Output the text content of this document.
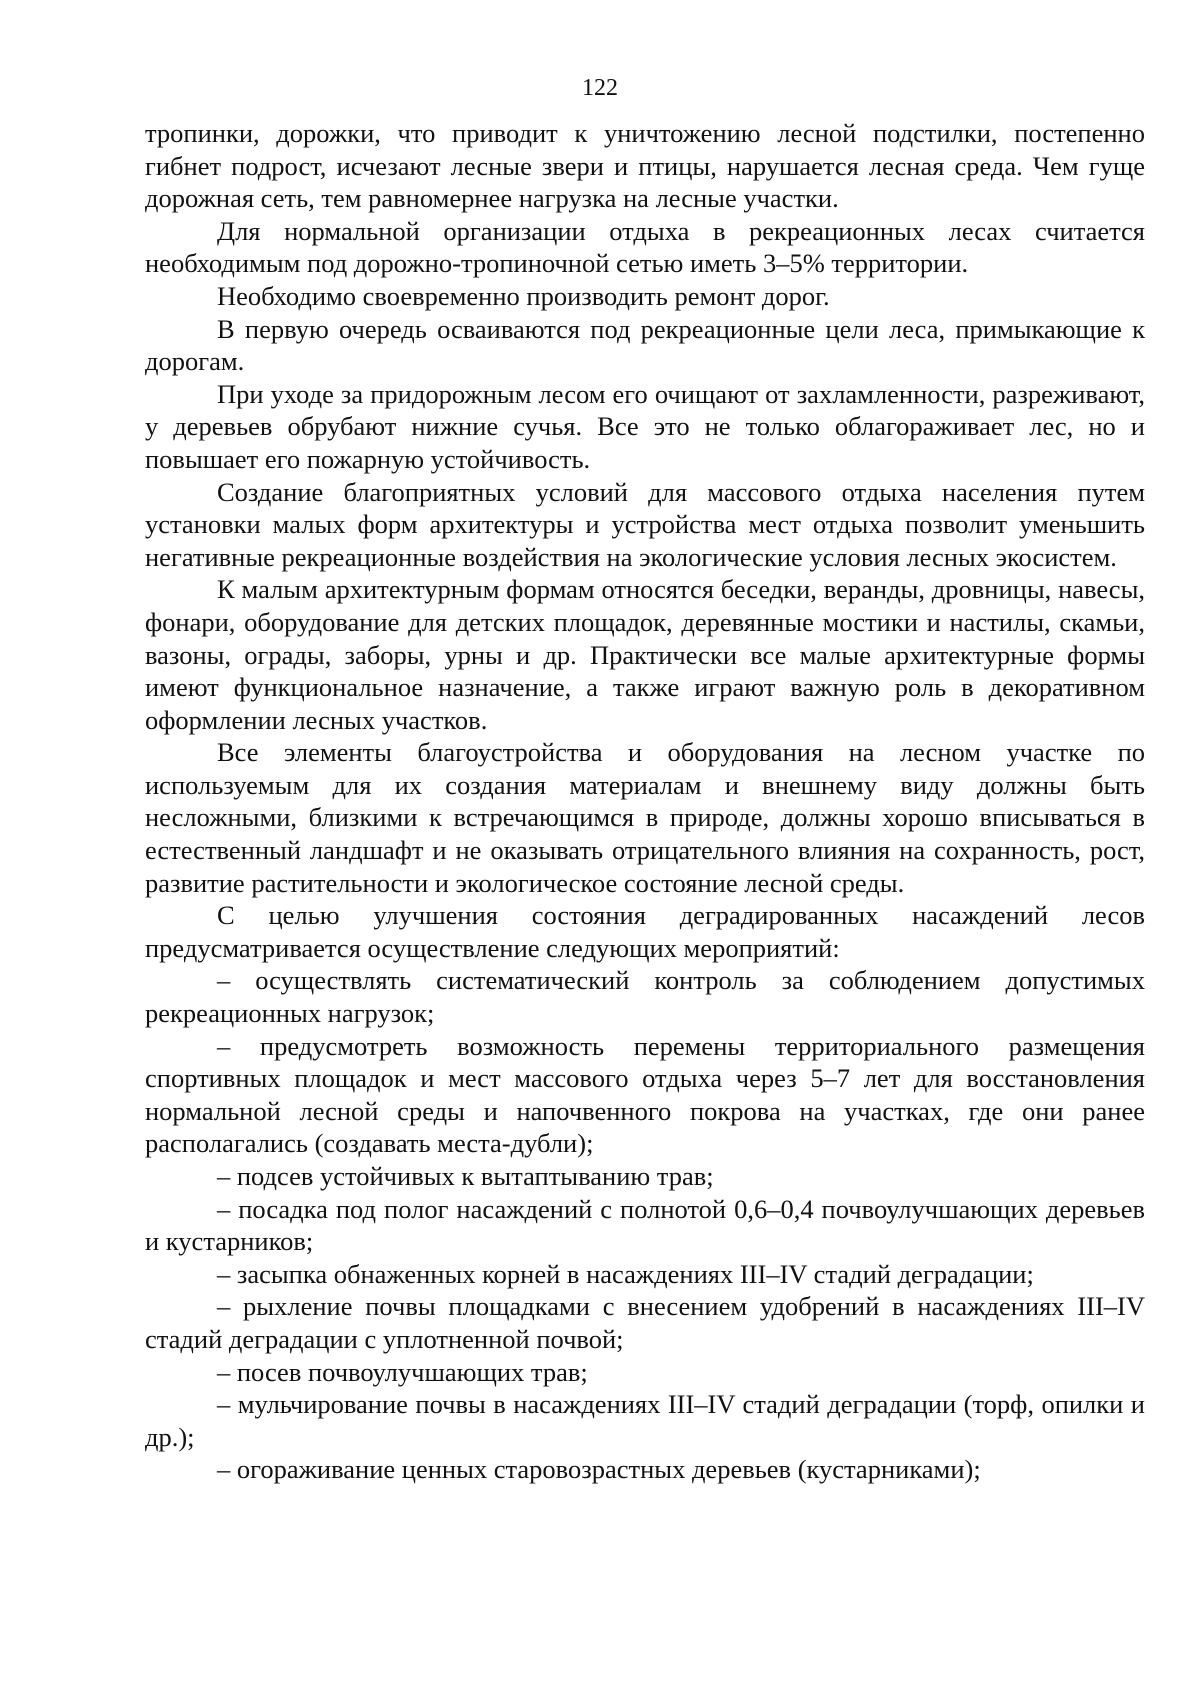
122

тропинки, дорожки, что приводит к уничтожению лесной подстилки, постепенно гибнет подрост, исчезают лесные звери и птицы, нарушается лесная среда. Чем гуще дорожная сеть, тем равномернее нагрузка на лесные участки.

Для нормальной организации отдыха в рекреационных лесах считается необходимым под дорожно-тропиночной сетью иметь 3–5% территории.

Необходимо своевременно производить ремонт дорог.

В первую очередь осваиваются под рекреационные цели леса, примыкающие к дорогам.

При уходе за придорожным лесом его очищают от захламленности, разреживают, у деревьев обрубают нижние сучья. Все это не только облагораживает лес, но и повышает его пожарную устойчивость.

Создание благоприятных условий для массового отдыха населения путем установки малых форм архитектуры и устройства мест отдыха позволит уменьшить негативные рекреационные воздействия на экологические условия лесных экосистем.

К малым архитектурным формам относятся беседки, веранды, дровницы, навесы, фонари, оборудование для детских площадок, деревянные мостики и настилы, скамьи, вазоны, ограды, заборы, урны и др. Практически все малые архитектурные формы имеют функциональное назначение, а также играют важную роль в декоративном оформлении лесных участков.

Все элементы благоустройства и оборудования на лесном участке по используемым для их создания материалам и внешнему виду должны быть несложными, близкими к встречающимся в природе, должны хорошо вписываться в естественный ландшафт и не оказывать отрицательного влияния на сохранность, рост, развитие растительности и экологическое состояние лесной среды.

С целью улучшения состояния деградированных насаждений лесов предусматривается осуществление следующих мероприятий:

– осуществлять систематический контроль за соблюдением допустимых рекреационных нагрузок;

– предусмотреть возможность перемены территориального размещения спортивных площадок и мест массового отдыха через 5–7 лет для восстановления нормальной лесной среды и напочвенного покрова на участках, где они ранее располагались (создавать места-дубли);

– подсев устойчивых к вытаптыванию трав;

– посадка под полог насаждений с полнотой 0,6–0,4 почвоулучшающих деревьев и кустарников;

– засыпка обнаженных корней в насаждениях III–IV стадий деградации;

– рыхление почвы площадками с внесением удобрений в насаждениях III–IV стадий деградации с уплотненной почвой;

– посев почвоулучшающих трав;

– мульчирование почвы в насаждениях III–IV стадий деградации (торф, опилки и др.);

– огораживание ценных старовозрастных деревьев (кустарниками);
